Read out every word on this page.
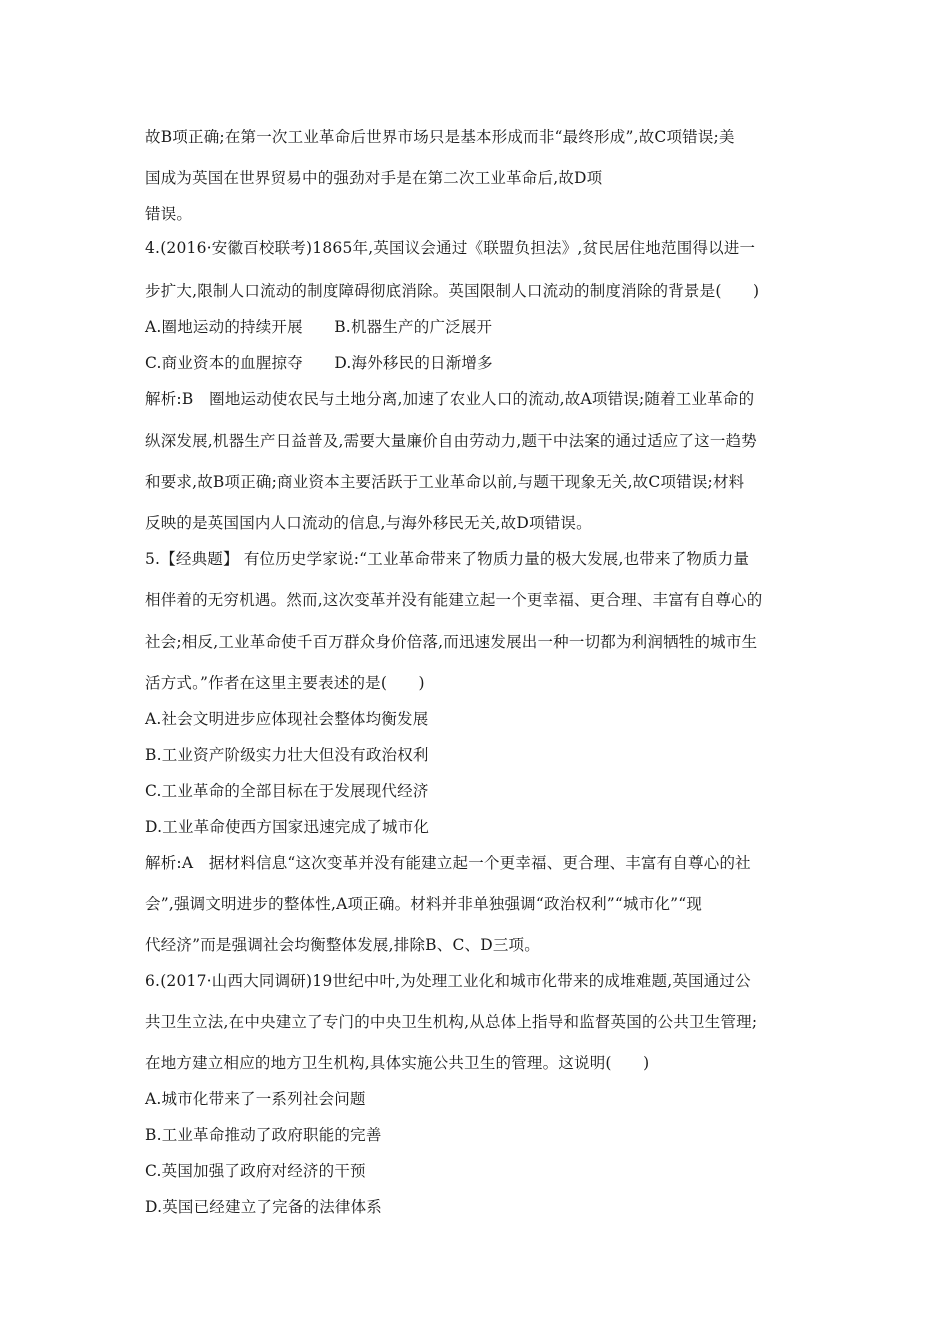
故B项正确;在第一次工业革命后世界市场只是基本形成而非“最终形成”,故C项错误;美
国成为英国在世界贸易中的强劲对手是在第二次工业革命后,故D项
错误。
4.(2016·安徽百校联考)1865年,英国议会通过《联盟负担法》,贫民居住地范围得以进一
步扩大,限制人口流动的制度障碍彻底消除。英国限制人口流动的制度消除的背景是(　　)
A.圈地运动的持续开展　　B.机器生产的广泛展开
C.商业资本的血腥掠夺　　D.海外移民的日渐增多
解析:B　圈地运动使农民与土地分离,加速了农业人口的流动,故A项错误;随着工业革命的
纵深发展,机器生产日益普及,需要大量廉价自由劳动力,题干中法案的通过适应了这一趋势
和要求,故B项正确;商业资本主要活跃于工业革命以前,与题干现象无关,故C项错误;材料
反映的是英国国内人口流动的信息,与海外移民无关,故D项错误。
5.【经典题】 有位历史学家说:“工业革命带来了物质力量的极大发展,也带来了物质力量
相伴着的无穷机遇。然而,这次变革并没有能建立起一个更幸福、更合理、丰富有自尊心的
社会;相反,工业革命使千百万群众身价倍落,而迅速发展出一种一切都为利润牺牲的城市生
活方式。”作者在这里主要表述的是(　　)
A.社会文明进步应体现社会整体均衡发展
B.工业资产阶级实力壮大但没有政治权利
C.工业革命的全部目标在于发展现代经济
D.工业革命使西方国家迅速完成了城市化
解析:A　据材料信息“这次变革并没有能建立起一个更幸福、更合理、丰富有自尊心的社
会”,强调文明进步的整体性,A项正确。材料并非单独强调“政治权利”“城市化”“现
代经济”而是强调社会均衡整体发展,排除B、C、D三项。
6.(2017·山西大同调研)19世纪中叶,为处理工业化和城市化带来的成堆难题,英国通过公
共卫生立法,在中央建立了专门的中央卫生机构,从总体上指导和监督英国的公共卫生管理;
在地方建立相应的地方卫生机构,具体实施公共卫生的管理。这说明(　　)
A.城市化带来了一系列社会问题
B.工业革命推动了政府职能的完善
C.英国加强了政府对经济的干预
D.英国已经建立了完备的法律体系
